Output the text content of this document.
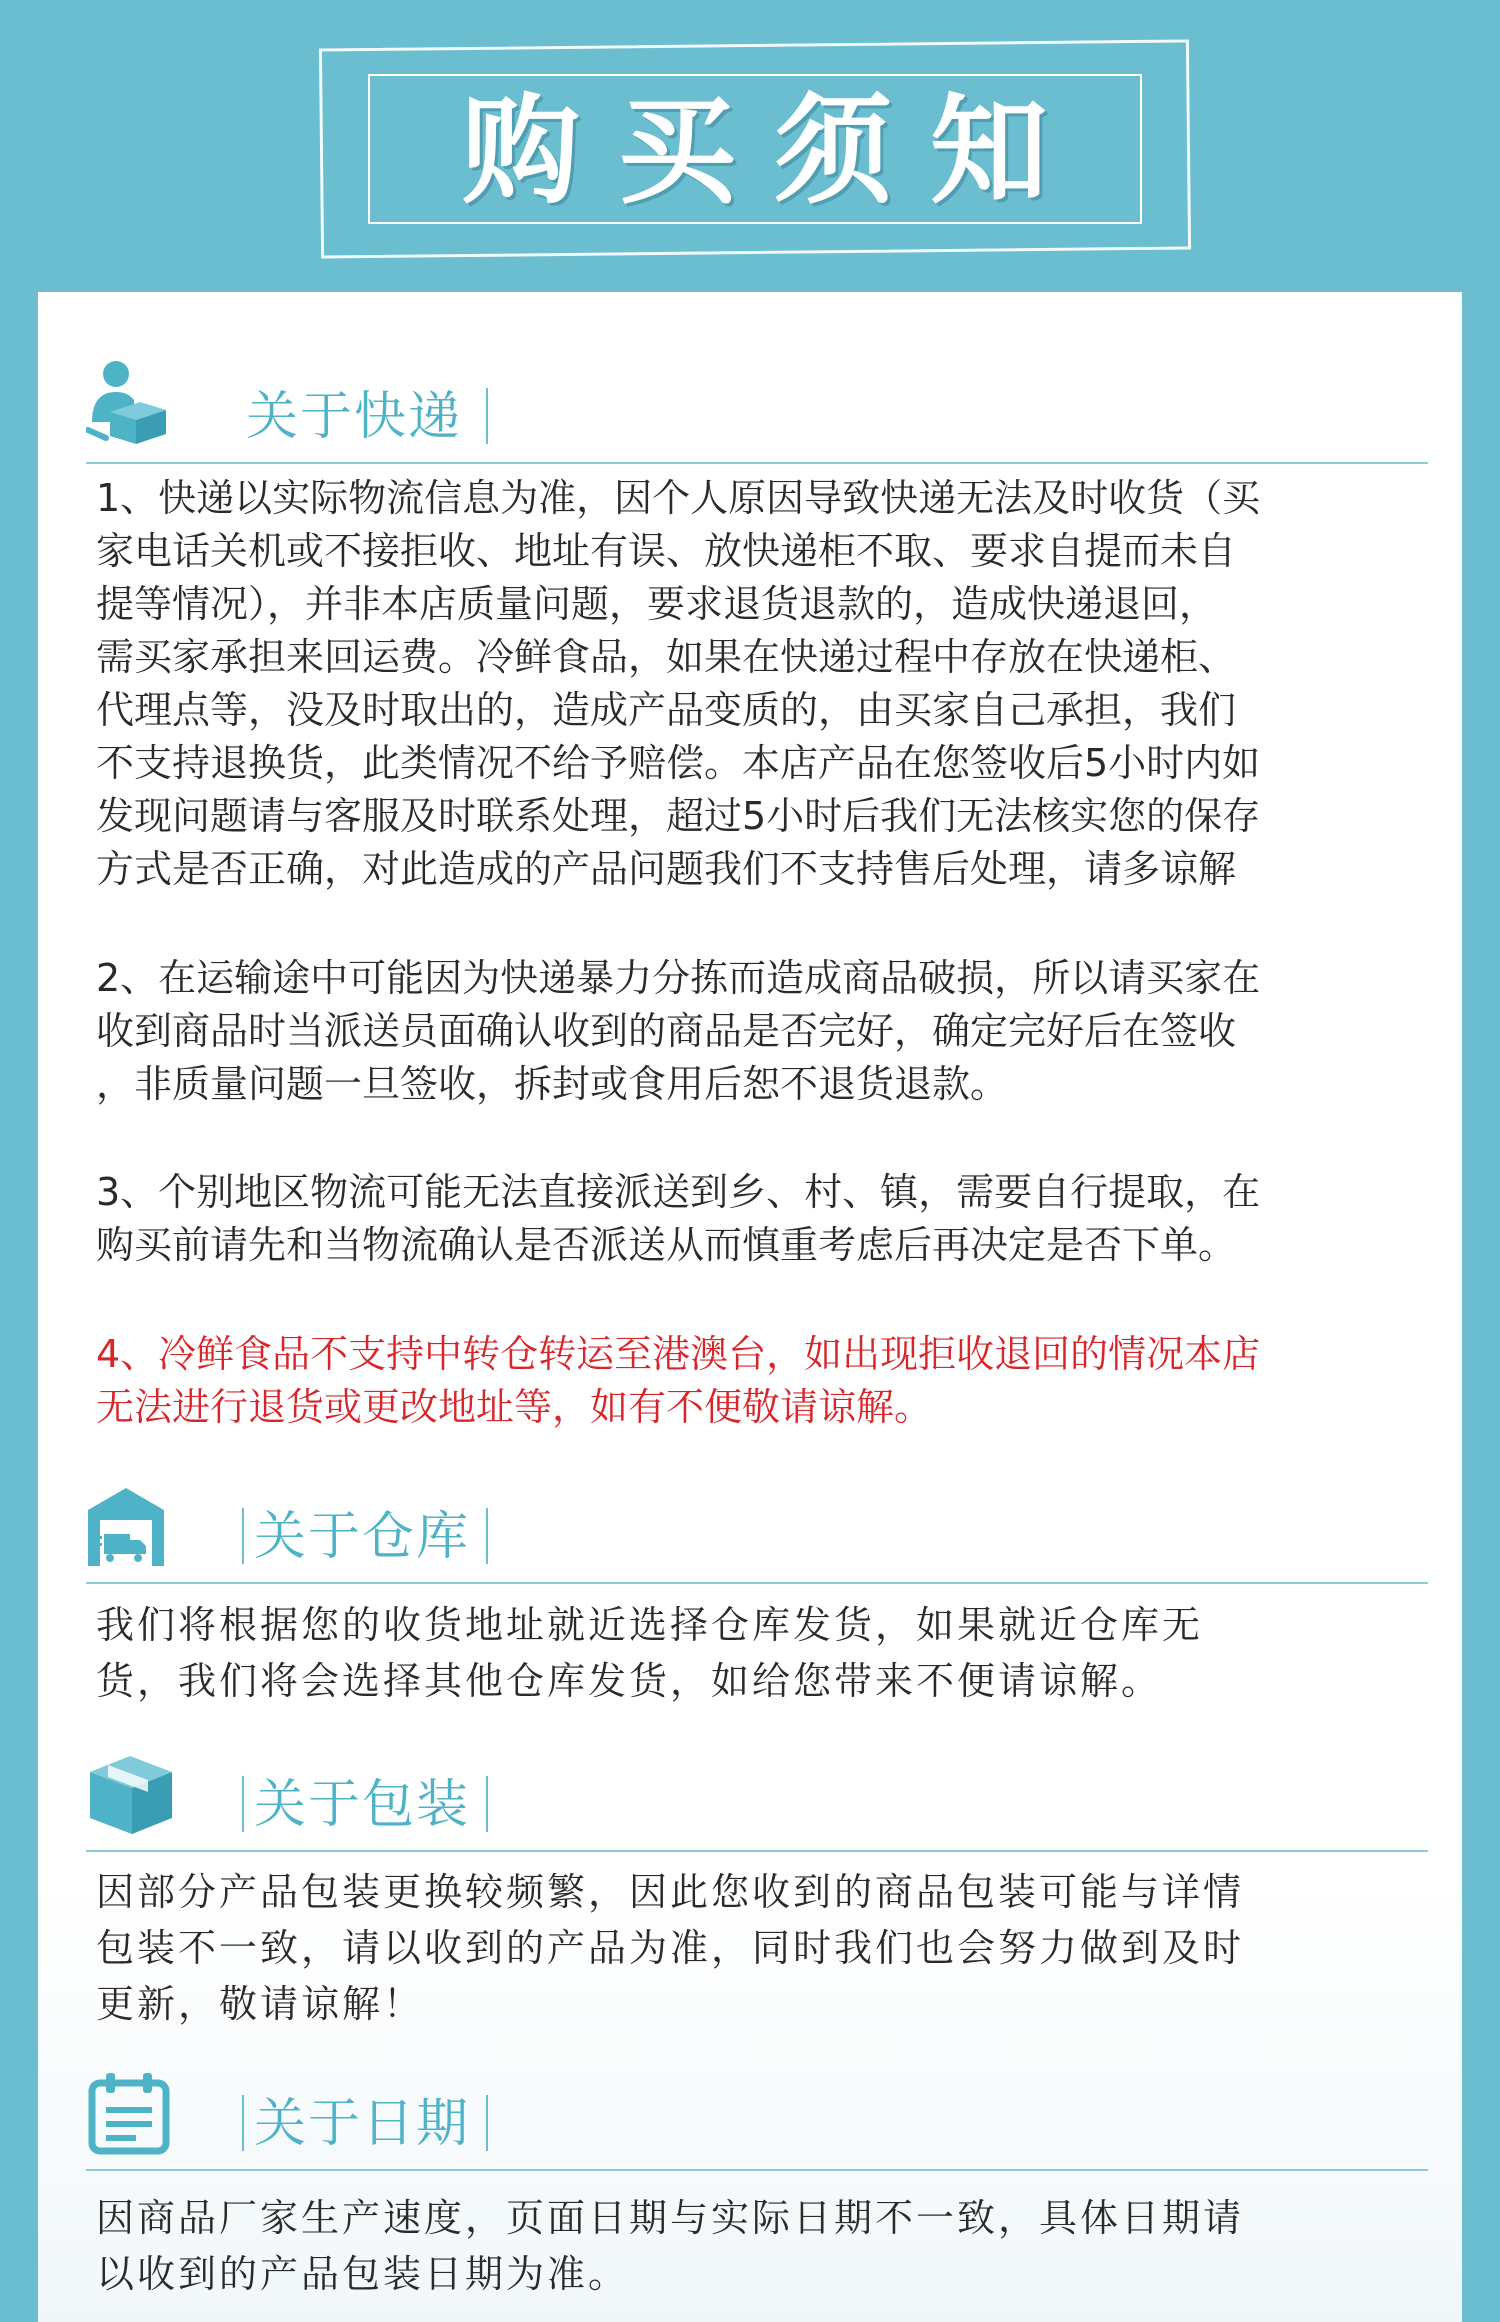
购买须知
关于快递
1、快递以实际物流信息为准，因个人原因导致快递无法及时收货（买
家电话关机或不接拒收、地址有误、放快递柜不取、要求自提而未自
提等情况），并非本店质量问题，要求退货退款的，造成快递退回，
需买家承担来回运费。冷鲜食品，如果在快递过程中存放在快递柜、
代理点等，没及时取出的，造成产品变质的，由买家自己承担，我们
不支持退换货，此类情况不给予赔偿。本店产品在您签收后5小时内如
发现问题请与客服及时联系处理，超过5小时后我们无法核实您的保存
方式是否正确，对此造成的产品问题我们不支持售后处理，请多谅解
2、在运输途中可能因为快递暴力分拣而造成商品破损，所以请买家在
收到商品时当派送员面确认收到的商品是否完好，确定完好后在签收
，非质量问题一旦签收，拆封或食用后恕不退货退款。
3、个别地区物流可能无法直接派送到乡、村、镇，需要自行提取，在
购买前请先和当物流确认是否派送从而慎重考虑后再决定是否下单。
4、冷鲜食品不支持中转仓转运至港澳台，如出现拒收退回的情况本店
无法进行退货或更改地址等，如有不便敬请谅解。
关于仓库
我们将根据您的收货地址就近选择仓库发货，如果就近仓库无
货，我们将会选择其他仓库发货，如给您带来不便请谅解。
关于包装
因部分产品包装更换较频繁，因此您收到的商品包装可能与详情
包装不一致，请以收到的产品为准，同时我们也会努力做到及时
更新，敬请谅解！
关于日期
因商品厂家生产速度，页面日期与实际日期不一致，具体日期请
以收到的产品包装日期为准。
